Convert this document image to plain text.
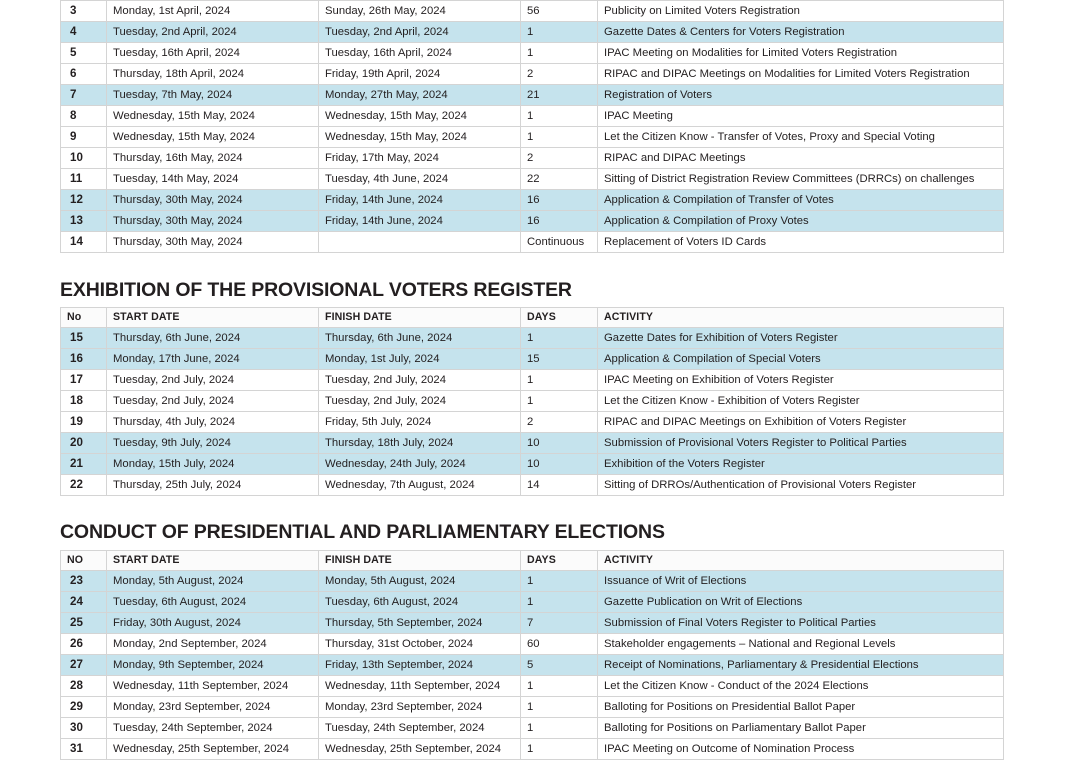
3	Monday, 1st April, 2024	Sunday, 26th May, 2024	56	Publicity on Limited Voters Registration
4	Tuesday, 2nd April, 2024	Tuesday, 2nd April, 2024	1	Gazette Dates & Centers for Voters Registration
5	Tuesday, 16th April, 2024	Tuesday, 16th April, 2024	1	IPAC Meeting on Modalities for Limited Voters Registration
6	Thursday, 18th April, 2024	Friday, 19th April, 2024	2	RIPAC and DIPAC Meetings on Modalities for Limited Voters Registration
7	Tuesday, 7th May, 2024	Monday, 27th May, 2024	21	Registration of Voters
8	Wednesday, 15th May, 2024	Wednesday, 15th May, 2024	1	IPAC Meeting
9	Wednesday, 15th May, 2024	Wednesday, 15th May, 2024	1	Let the Citizen Know - Transfer of Votes, Proxy and Special Voting
10	Thursday, 16th May, 2024	Friday, 17th May, 2024	2	RIPAC and DIPAC Meetings
11	Tuesday, 14th May, 2024	Tuesday, 4th June, 2024	22	Sitting of District Registration Review Committees (DRRCs) on challenges
12	Thursday, 30th May, 2024	Friday, 14th June, 2024	16	Application & Compilation of Transfer of Votes
13	Thursday, 30th May, 2024	Friday, 14th June, 2024	16	Application & Compilation of Proxy Votes
14	Thursday, 30th May, 2024		Continuous	Replacement of Voters ID Cards
EXHIBITION OF THE PROVISIONAL VOTERS REGISTER
No	START DATE	FINISH DATE	DAYS	ACTIVITY
15	Thursday, 6th June, 2024	Thursday, 6th June, 2024	1	Gazette Dates for Exhibition of Voters Register
16	Monday, 17th June, 2024	Monday, 1st July, 2024	15	Application & Compilation of Special Voters
17	Tuesday, 2nd July, 2024	Tuesday, 2nd July, 2024	1	IPAC Meeting on Exhibition of Voters Register
18	Tuesday, 2nd July, 2024	Tuesday, 2nd July, 2024	1	Let the Citizen Know - Exhibition of Voters Register
19	Thursday, 4th July, 2024	Friday, 5th July, 2024	2	RIPAC and DIPAC Meetings on Exhibition of Voters Register
20	Tuesday, 9th July, 2024	Thursday, 18th July, 2024	10	Submission of Provisional Voters Register to Political Parties
21	Monday, 15th July, 2024	Wednesday, 24th July, 2024	10	Exhibition of the Voters Register
22	Thursday, 25th July, 2024	Wednesday, 7th August, 2024	14	Sitting of DRROs/Authentication of Provisional Voters Register
CONDUCT OF PRESIDENTIAL AND PARLIAMENTARY ELECTIONS
NO	START DATE	FINISH DATE	DAYS	ACTIVITY
23	Monday, 5th August, 2024	Monday, 5th August, 2024	1	Issuance of Writ of Elections
24	Tuesday, 6th August, 2024	Tuesday, 6th August, 2024	1	Gazette Publication on Writ of Elections
25	Friday, 30th August, 2024	Thursday, 5th September, 2024	7	Submission of Final Voters Register to Political Parties
26	Monday, 2nd September, 2024	Thursday, 31st October, 2024	60	Stakeholder engagements – National and Regional Levels
27	Monday, 9th September, 2024	Friday, 13th September, 2024	5	Receipt of Nominations, Parliamentary & Presidential Elections
28	Wednesday, 11th September, 2024	Wednesday, 11th September, 2024	1	Let the Citizen Know - Conduct of the 2024 Elections
29	Monday, 23rd September, 2024	Monday, 23rd September, 2024	1	Balloting for Positions on Presidential Ballot Paper
30	Tuesday, 24th September, 2024	Tuesday, 24th September, 2024	1	Balloting for Positions on Parliamentary Ballot Paper
31	Wednesday, 25th September, 2024	Wednesday, 25th September, 2024	1	IPAC Meeting on Outcome of Nomination Process
